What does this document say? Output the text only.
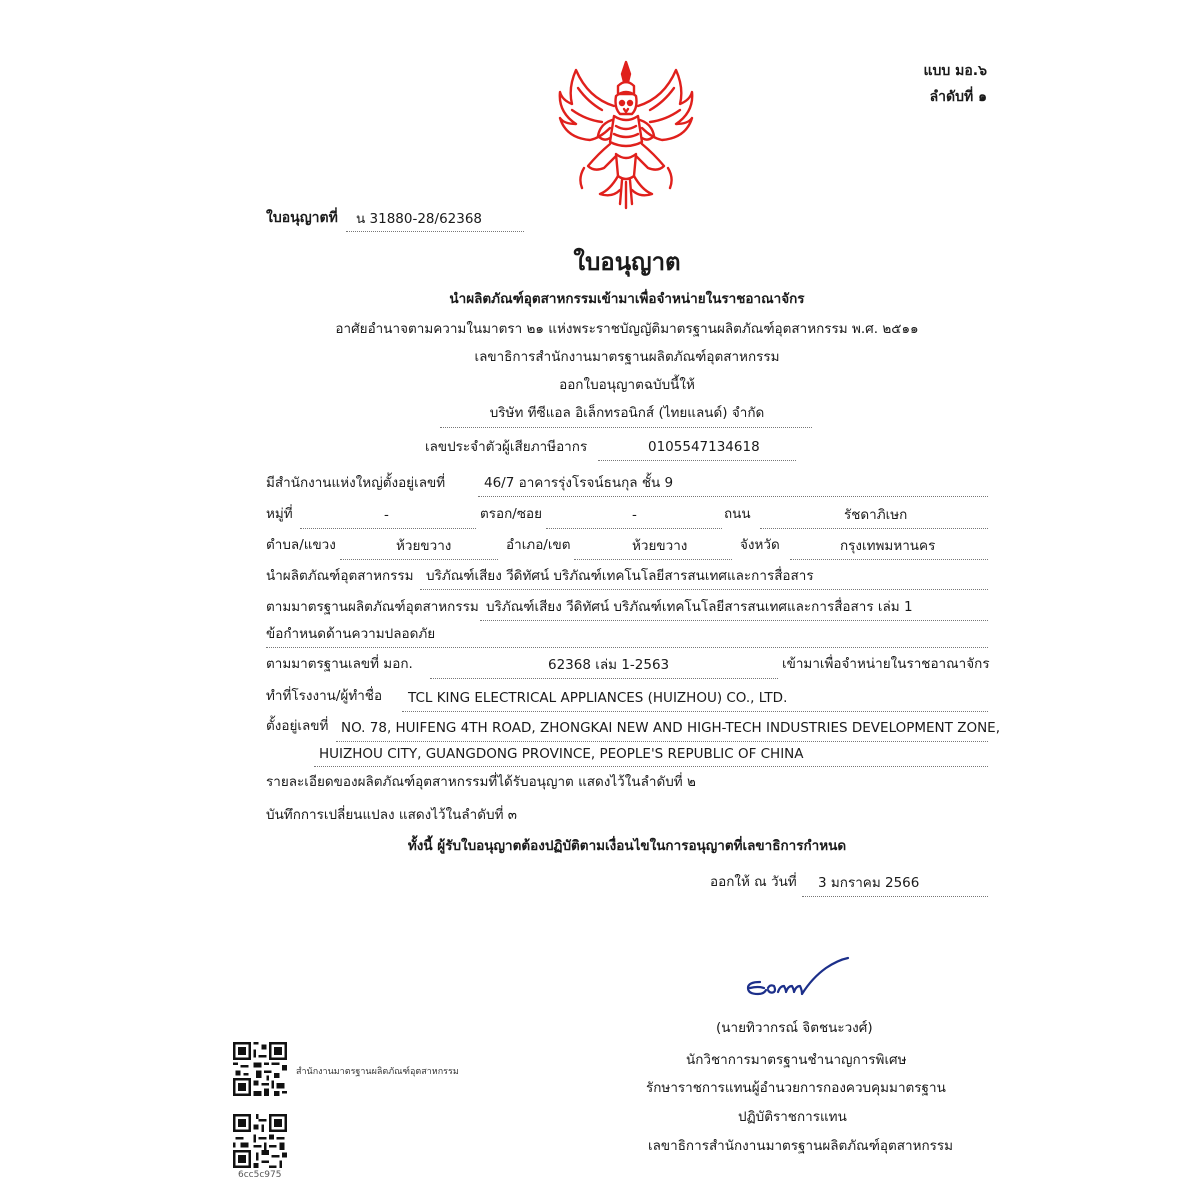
แบบ มอ.๖
ลำดับที่ ๑
ใบอนุญาตที่ น 31880-28/62368
ใบอนุญาต
นำผลิตภัณฑ์อุตสาหกรรมเข้ามาเพื่อจำหน่ายในราชอาณาจักร
อาศัยอำนาจตามความในมาตรา ๒๑ แห่งพระราชบัญญัติมาตรฐานผลิตภัณฑ์อุตสาหกรรม พ.ศ. ๒๕๑๑
เลขาธิการสำนักงานมาตรฐานผลิตภัณฑ์อุตสาหกรรม
ออกใบอนุญาตฉบับนี้ให้
บริษัท ทีซีแอล อิเล็กทรอนิกส์ (ไทยแลนด์) จำกัด
เลขประจำตัวผู้เสียภาษีอากร	0105547134618
มีสำนักงานแห่งใหญ่ตั้งอยู่เลขที่	46/7 อาคารรุ่งโรจน์ธนกุล ชั้น 9
หมู่ที่	-	ตรอก/ซอย	-	ถนน	รัชดาภิเษก
ตำบล/แขวง	ห้วยขวาง	อำเภอ/เขต	ห้วยขวาง	จังหวัด	กรุงเทพมหานคร
นำผลิตภัณฑ์อุตสาหกรรม บริภัณฑ์เสียง วีดิทัศน์ บริภัณฑ์เทคโนโลยีสารสนเทศและการสื่อสาร
ตามมาตรฐานผลิตภัณฑ์อุตสาหกรรม บริภัณฑ์เสียง วีดิทัศน์ บริภัณฑ์เทคโนโลยีสารสนเทศและการสื่อสาร เล่ม 1
ข้อกำหนดด้านความปลอดภัย
ตามมาตรฐานเลขที่ มอก.	62368 เล่ม 1-2563	เข้ามาเพื่อจำหน่ายในราชอาณาจักร
ทำที่โรงงาน/ผู้ทำชื่อ TCL KING ELECTRICAL APPLIANCES (HUIZHOU) CO., LTD.
ตั้งอยู่เลขที่ NO. 78, HUIFENG 4TH ROAD, ZHONGKAI NEW AND HIGH-TECH INDUSTRIES DEVELOPMENT ZONE,
HUIZHOU CITY, GUANGDONG PROVINCE, PEOPLE'S REPUBLIC OF CHINA
รายละเอียดของผลิตภัณฑ์อุตสาหกรรมที่ได้รับอนุญาต แสดงไว้ในลำดับที่ ๒
บันทึกการเปลี่ยนแปลง แสดงไว้ในลำดับที่ ๓
ทั้งนี้ ผู้รับใบอนุญาตต้องปฏิบัติตามเงื่อนไขในการอนุญาตที่เลขาธิการกำหนด
ออกให้ ณ วันที่ 3 มกราคม 2566
(นายทิวากรณ์ จิตชนะวงศ์)
นักวิชาการมาตรฐานชำนาญการพิเศษ
รักษาราชการแทนผู้อำนวยการกองควบคุมมาตรฐาน
ปฏิบัติราชการแทน
เลขาธิการสำนักงานมาตรฐานผลิตภัณฑ์อุตสาหกรรม
สำนักงานมาตรฐานผลิตภัณฑ์อุตสาหกรรม
6cc5c975
